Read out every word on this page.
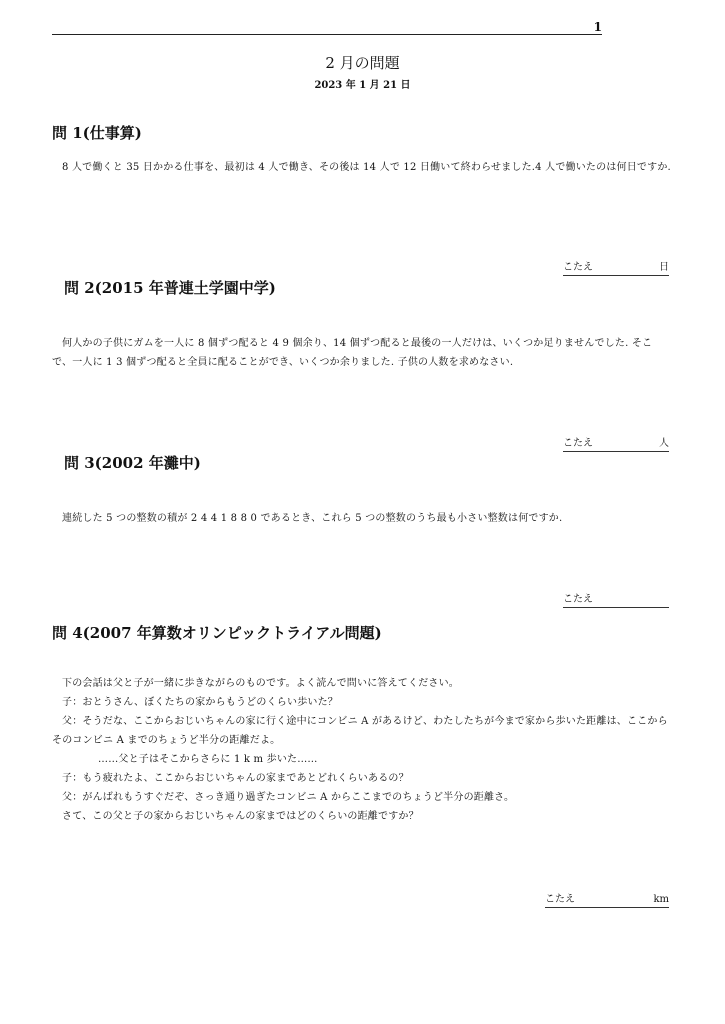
1
2 月の問題
2023 年 1 月 21 日
問 1(仕事算)
8 人で働くと 35 日かかる仕事を、最初は 4 人で働き、その後は 14 人で 12 日働いて終わらせました.4 人で働いたのは何日ですか.
こたえ	日
問 2(2015 年普連土学園中学)
何人かの子供にガムを一人に 8 個ずつ配ると 4 9 個余り、14 個ずつ配ると最後の一人だけは、いくつか足りませんでした. そこで、一人に 1 3 個ずつ配ると全員に配ることができ、いくつか余りました. 子供の人数を求めなさい.
こたえ	人
問 3(2002 年灘中)
連続した 5 つの整数の積が 2 4 4 1 8 8 0 であるとき、これら 5 つの整数のうち最も小さい整数は何ですか.
こたえ
問 4(2007 年算数オリンピックトライアル問題)
下の会話は父と子が一緒に歩きながらのものです。よく読んで問いに答えてください。
子：おとうさん、ぼくたちの家からもうどのくらい歩いた？
父：そうだな、ここからおじいちゃんの家に行く途中にコンビニ A があるけど、わたしたちが今まで家から歩いた距離は、ここからそのコンビニ A までのちょうど半分の距離だよ。
……父と子はそこからさらに 1 k m 歩いた……
子：もう疲れたよ、ここからおじいちゃんの家まであとどれくらいあるの？
父：がんばれもうすぐだぞ、さっき通り過ぎたコンビニ A からここまでのちょうど半分の距離さ。
さて、この父と子の家からおじいちゃんの家まではどのくらいの距離ですか？
こたえ	km
